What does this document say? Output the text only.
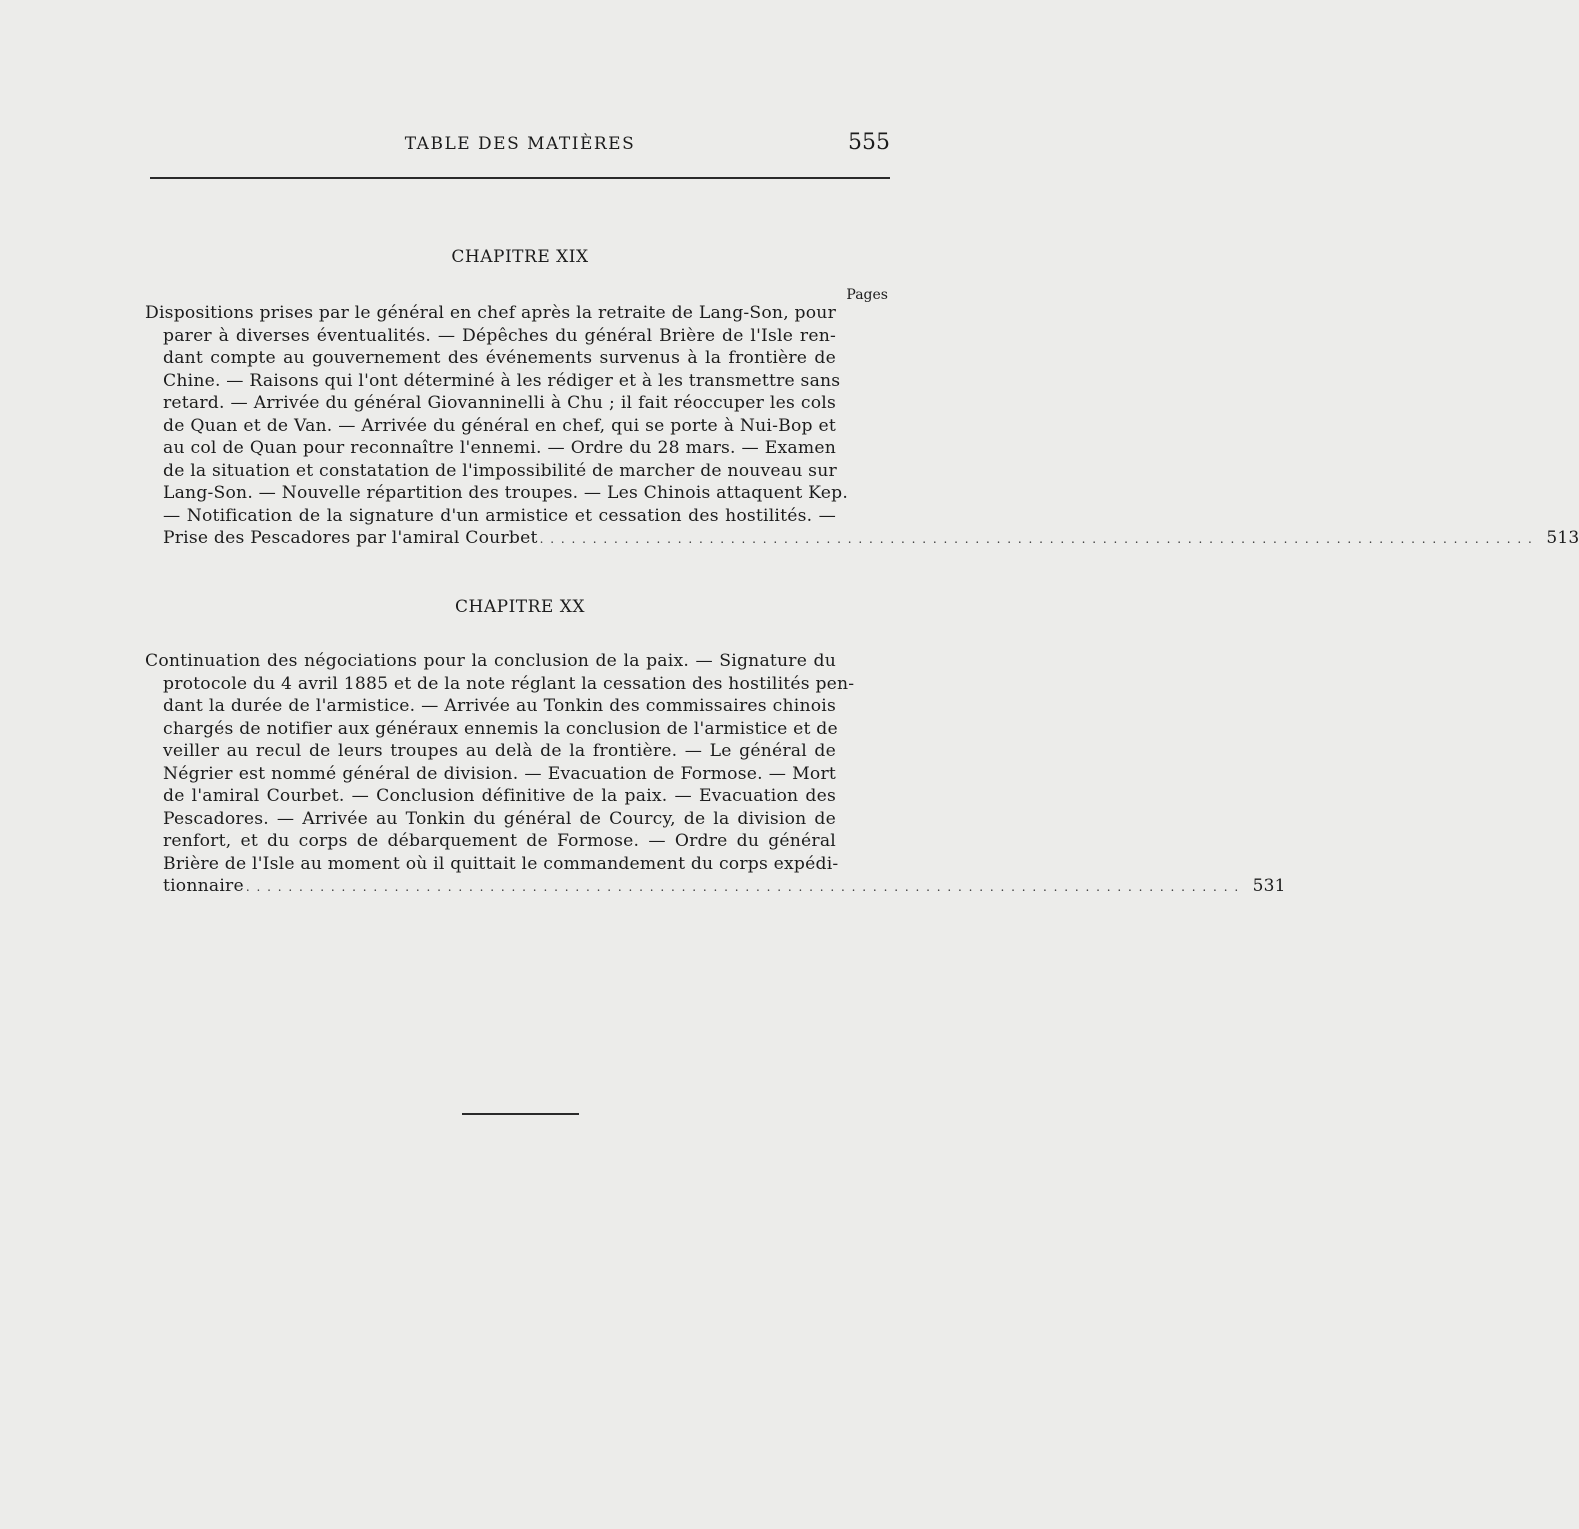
TABLE DES MATIÈRES	555
CHAPITRE XIX
Pages
Dispositions prises par le général en chef après la retraite de Lang-Son, pour
parer à diverses éventualités. — Dépêches du général Brière de l'Isle ren-
dant compte au gouvernement des événements survenus à la frontière de
Chine. — Raisons qui l'ont déterminé à les rédiger et à les transmettre sans
retard. — Arrivée du général Giovanninelli à Chu ; il fait réoccuper les cols
de Quan et de Van. — Arrivée du général en chef, qui se porte à Nui-Bop et
au col de Quan pour reconnaître l'ennemi. — Ordre du 28 mars. — Examen
de la situation et constatation de l'impossibilité de marcher de nouveau sur
Lang-Son. — Nouvelle répartition des troupes. — Les Chinois attaquent Kep.
— Notification de la signature d'un armistice et cessation des hostilités. —
Prise des Pescadores par l'amiral Courbet . . . . . . . . . . . . . . . . . . . . . . . . . . . . . . . . . . . . . . . . . . . . . . . . . . . . . . . . . . . . . . . . . . . . . . . . . . . . . . . . . . . . . . . . . . . . . . 513
CHAPITRE XX
Continuation des négociations pour la conclusion de la paix. — Signature du
protocole du 4 avril 1885 et de la note réglant la cessation des hostilités pen-
dant la durée de l'armistice. — Arrivée au Tonkin des commissaires chinois
chargés de notifier aux généraux ennemis la conclusion de l'armistice et de
veiller au recul de leurs troupes au delà de la frontière. — Le général de
Négrier est nommé général de division. — Evacuation de Formose. — Mort
de l'amiral Courbet. — Conclusion définitive de la paix. — Evacuation des
Pescadores. — Arrivée au Tonkin du général de Courcy, de la division de
renfort, et du corps de débarquement de Formose. — Ordre du général
Brière de l'Isle au moment où il quittait le commandement du corps expédi-
tionnaire . . . . . . . . . . . . . . . . . . . . . . . . . . . . . . . . . . . . . . . . . . . . . . . . . . . . . . . . . . . . . . . . . . . . . . . . . . . . . . . . . . . . . . . . . . . . . . 531
